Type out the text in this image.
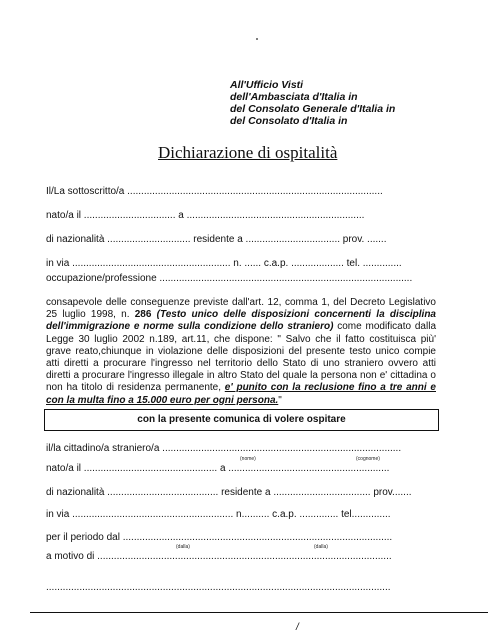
All'Ufficio Visti
dell'Ambasciata d'Italia in
del Consolato Generale d'Italia in
del Consolato d'Italia in
Dichiarazione di ospitalità
Il/La sottoscritto/a ............................................................................................
nato/a il ................................. a ................................................................
di nazionalità .............................. residente a .................................. prov. .......
in via ......................................................... n. ...... c.a.p. ................... tel. ..............
occupazione/professione ...........................................................................................
consapevole delle conseguenze previste dall'art. 12, comma 1, del Decreto Legislativo 25 luglio 1998, n. 286 (Testo unico delle disposizioni concernenti la disciplina dell'immigrazione e norme sulla condizione dello straniero) come modificato dalla Legge 30 luglio 2002 n.189, art.11, che dispone: " Salvo che il fatto costituisca più' grave reato,chiunque in violazione delle disposizioni del presente testo unico compie atti diretti a procurare l'ingresso nel territorio dello Stato di uno straniero ovvero atti diretti a procurare l'ingresso illegale in altro Stato del quale la persona non e' cittadina o non ha titolo di residenza permanente, e' punito con la reclusione fino a tre anni e con la multa fino a 15.000 euro per ogni persona."
con la presente comunica di volere ospitare
il/la cittadino/a straniero/a ......................................................................................
(nome)	(cognome)
nato/a il ................................................ a ..........................................................
di nazionalità ........................................ residente a ................................... prov.......
in via .......................................................... n.......... c.a.p. .............. tel..............
per il periodo dal .................................................................................................
(dalla)	(dalla)
a motivo di ..........................................................................................................
............................................................................................................................
/
